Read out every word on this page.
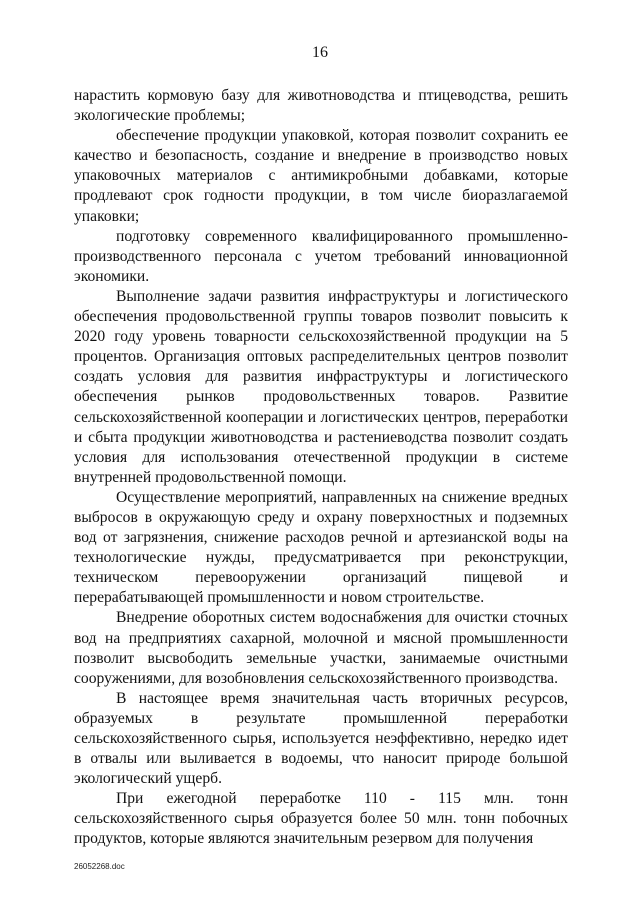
16

нарастить кормовую базу для животноводства и птицеводства, решить экологические проблемы;

обеспечение продукции упаковкой, которая позволит сохранить ее качество и безопасность, создание и внедрение в производство новых упаковочных материалов с антимикробными добавками, которые продлевают срок годности продукции, в том числе биоразлагаемой упаковки;

подготовку современного квалифицированного промышленно-производственного персонала с учетом требований инновационной экономики.

Выполнение задачи развития инфраструктуры и логистического обеспечения продовольственной группы товаров позволит повысить к 2020 году уровень товарности сельскохозяйственной продукции на 5 процентов. Организация оптовых распределительных центров позволит создать условия для развития инфраструктуры и логистического обеспечения рынков продовольственных товаров. Развитие сельскохозяйственной кооперации и логистических центров, переработки и сбыта продукции животноводства и растениеводства позволит создать условия для использования отечественной продукции в системе внутренней продовольственной помощи.

Осуществление мероприятий, направленных на снижение вредных выбросов в окружающую среду и охрану поверхностных и подземных вод от загрязнения, снижение расходов речной и артезианской воды на технологические нужды, предусматривается при реконструкции, техническом перевооружении организаций пищевой и перерабатывающей промышленности и новом строительстве.

Внедрение оборотных систем водоснабжения для очистки сточных вод на предприятиях сахарной, молочной и мясной промышленности позволит высвободить земельные участки, занимаемые очистными сооружениями, для возобновления сельскохозяйственного производства.

В настоящее время значительная часть вторичных ресурсов, образуемых в результате промышленной переработки сельскохозяйственного сырья, используется неэффективно, нередко идет в отвалы или выливается в водоемы, что наносит природе большой экологический ущерб.

При ежегодной переработке 110 - 115 млн. тонн сельскохозяйственного сырья образуется более 50 млн. тонн побочных продуктов, которые являются значительным резервом для получения

26052268.doc
